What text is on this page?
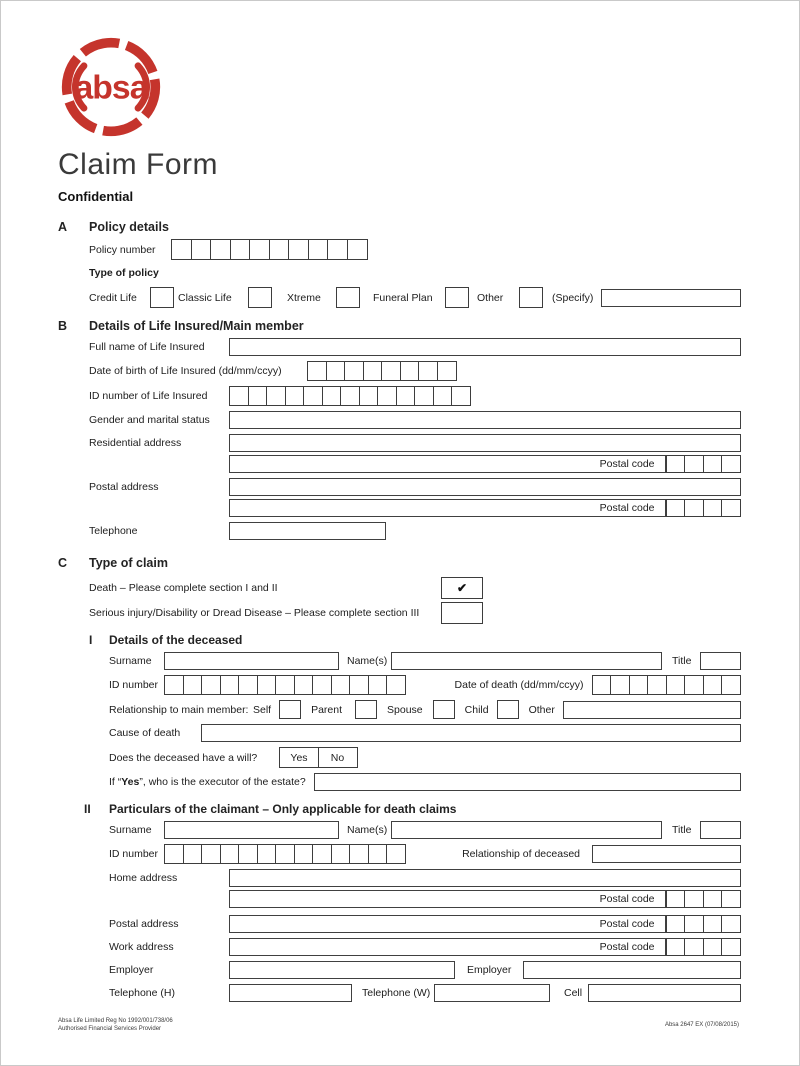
absa
Claim Form
Confidential
A	Policy details
Policy number
Type of policy
Credit Life	Classic Life	Xtreme	Funeral Plan	Other	(Specify)
B	Details of Life Insured/Main member
Full name of Life Insured
Date of birth of Life Insured (dd/mm/ccyy)
ID number of Life Insured
Gender and marital status
Residential address
Postal code
Postal address
Postal code
Telephone
C	Type of claim
Death – Please complete section I and II	✔
Serious injury/Disability or Dread Disease – Please complete section III
I	Details of the deceased
Surname	Name(s)	Title
ID number	Date of death (dd/mm/ccyy)
Relationship to main member: Self	Parent	Spouse	Child	Other
Cause of death
Does the deceased have a will?	Yes	No
If “Yes”, who is the executor of the estate?
II	Particulars of the claimant – Only applicable for death claims
Surname	Name(s)	Title
ID number	Relationship of deceased
Home address
Postal code
Postal address	Postal code
Work address	Postal code
Employer	Employer
Telephone (H)	Telephone (W)	Cell
Absa Life Limited Reg No 1992/001/738/06
Authorised Financial Services Provider
Absa 2647 EX (07/08/2015)
